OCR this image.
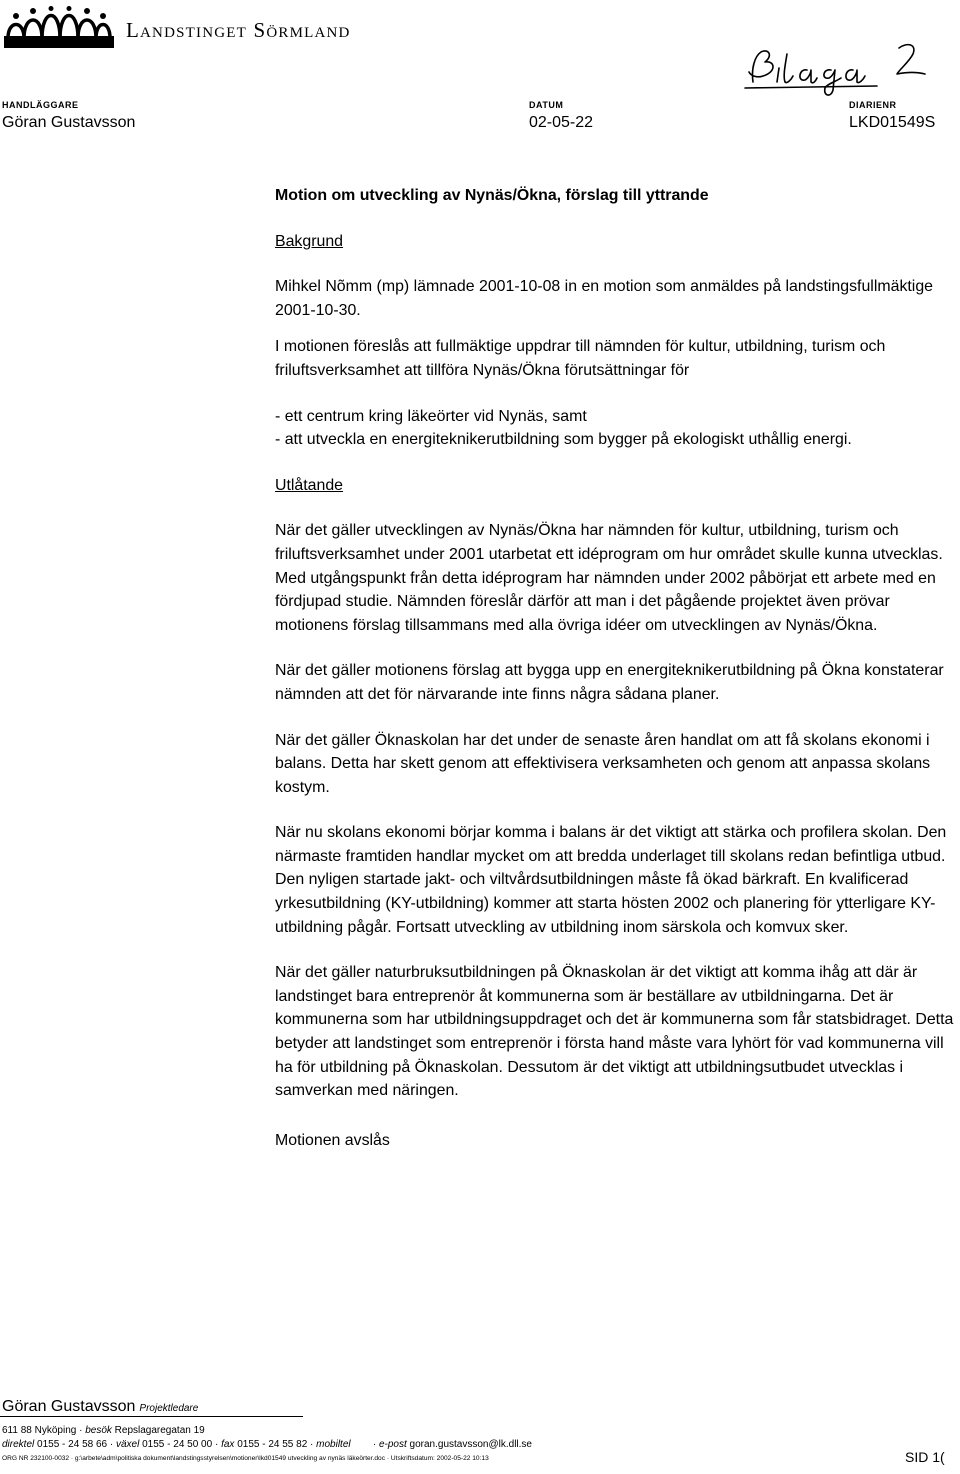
Landstinget Sörmland
HANDLÄGGARE
Göran Gustavsson
DATUM
02-05-22
DIARIENR
LKD01549S

Motion om utveckling av Nynäs/Ökna, förslag till yttrande

Bakgrund

Mihkel Nõmm (mp) lämnade 2001-10-08 in en motion som anmäldes på landstingsfullmäktige 2001-10-30.

I motionen föreslås att fullmäktige uppdrar till nämnden för kultur, utbildning, turism och friluftsverksamhet att tillföra Nynäs/Ökna förutsättningar för

- ett centrum kring läkeörter vid Nynäs, samt

- att utveckla en energiteknikerutbildning som bygger på ekologiskt uthållig energi.

Utlåtande

När det gäller utvecklingen av Nynäs/Ökna har nämnden för kultur, utbildning, turism och friluftsverksamhet under 2001 utarbetat ett idéprogram om hur området skulle kunna utvecklas. Med utgångspunkt från detta idéprogram har nämnden under 2002 påbörjat ett arbete med en fördjupad studie. Nämnden föreslår därför att man i det pågående projektet även prövar motionens förslag tillsammans med alla övriga idéer om utvecklingen av Nynäs/Ökna.

När det gäller motionens förslag att bygga upp en energiteknikerutbildning på Ökna konstaterar nämnden att det för närvarande inte finns några sådana planer.

När det gäller Öknaskolan har det under de senaste åren handlat om att få skolans ekonomi i balans. Detta har skett genom att effektivisera verksamheten och genom att anpassa skolans kostym.

När nu skolans ekonomi börjar komma i balans är det viktigt att stärka och profilera skolan. Den närmaste framtiden handlar mycket om att bredda underlaget till skolans redan befintliga utbud. Den nyligen startade jakt- och viltvårdsutbildningen måste få ökad bärkraft. En kvalificerad yrkesutbildning (KY-utbildning) kommer att starta hösten 2002 och planering för ytterligare KY-utbildning pågår. Fortsatt utveckling av utbildning inom särskola och komvux sker.

När det gäller naturbruksutbildningen på Öknaskolan är det viktigt att komma ihåg att där är landstinget bara entreprenör åt kommunerna som är beställare av utbildningarna. Det är kommunerna som har utbildningsuppdraget och det är kommunerna som får statsbidraget. Detta betyder att landstinget som entreprenör i första hand måste vara lyhört för vad kommunerna vill ha för utbildning på Öknaskolan. Dessutom är det viktigt att utbildningsutbudet utvecklas i samverkan med näringen.

Motionen avslås

Göran Gustavsson Projektledare
611 88 Nyköping · besök Repslagaregatan 19
direktel 0155 - 24 58 66 · växel 0155 - 24 50 00 · fax 0155 - 24 55 82 · mobiltel        · e-post goran.gustavsson@lk.dll.se
ORG NR 232100-0032 · g:\arbete\adm\politiska dokument\landstingsstyrelsen\motioner\lkd01549 utveckling av nynäs läkeörter.doc · Utskriftsdatum: 2002-05-22 10:13	SID 1(
